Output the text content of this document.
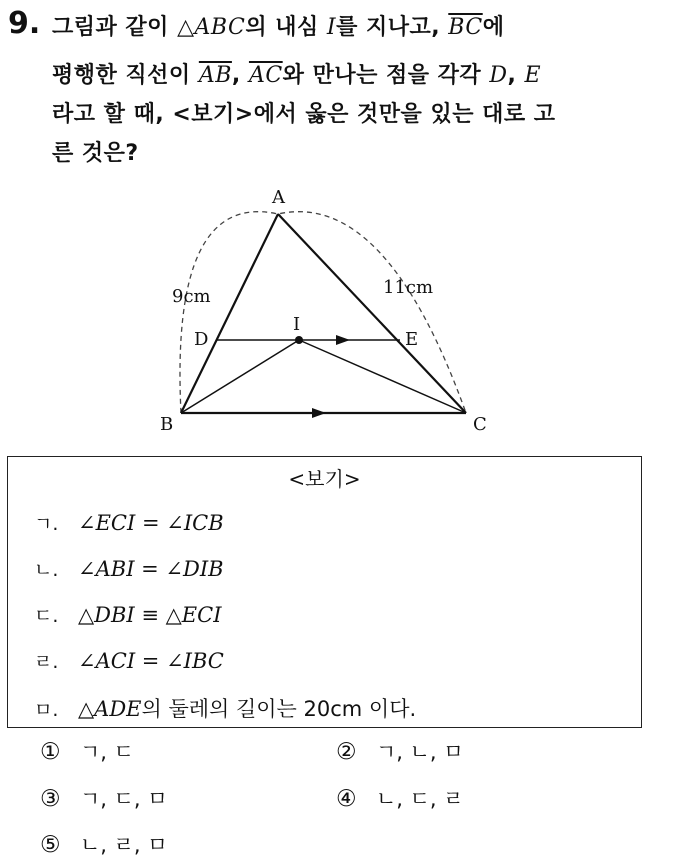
9. 그림과 같이 △ABC의 내심 I를 지나고, $\overline{BC}$에
평행한 직선이 $\overline{AB}$, $\overline{AC}$와 만나는 점을 각각 D, E
라고 할 때, <보기>에서 옳은 것만을 있는 대로 고
른 것은?
A
B	C
D	E
I
9cm	11cm
<보기>
ㄱ. ∠ECI = ∠ICB
ㄴ. ∠ABI = ∠DIB
ㄷ. △DBI ≡ △ECI
ㄹ. ∠ACI = ∠IBC
ㅁ. △ADE의 둘레의 길이는 20cm 이다.
① ㄱ, ㄷ	② ㄱ, ㄴ, ㅁ
③ ㄱ, ㄷ, ㅁ	④ ㄴ, ㄷ, ㄹ
⑤ ㄴ, ㄹ, ㅁ
